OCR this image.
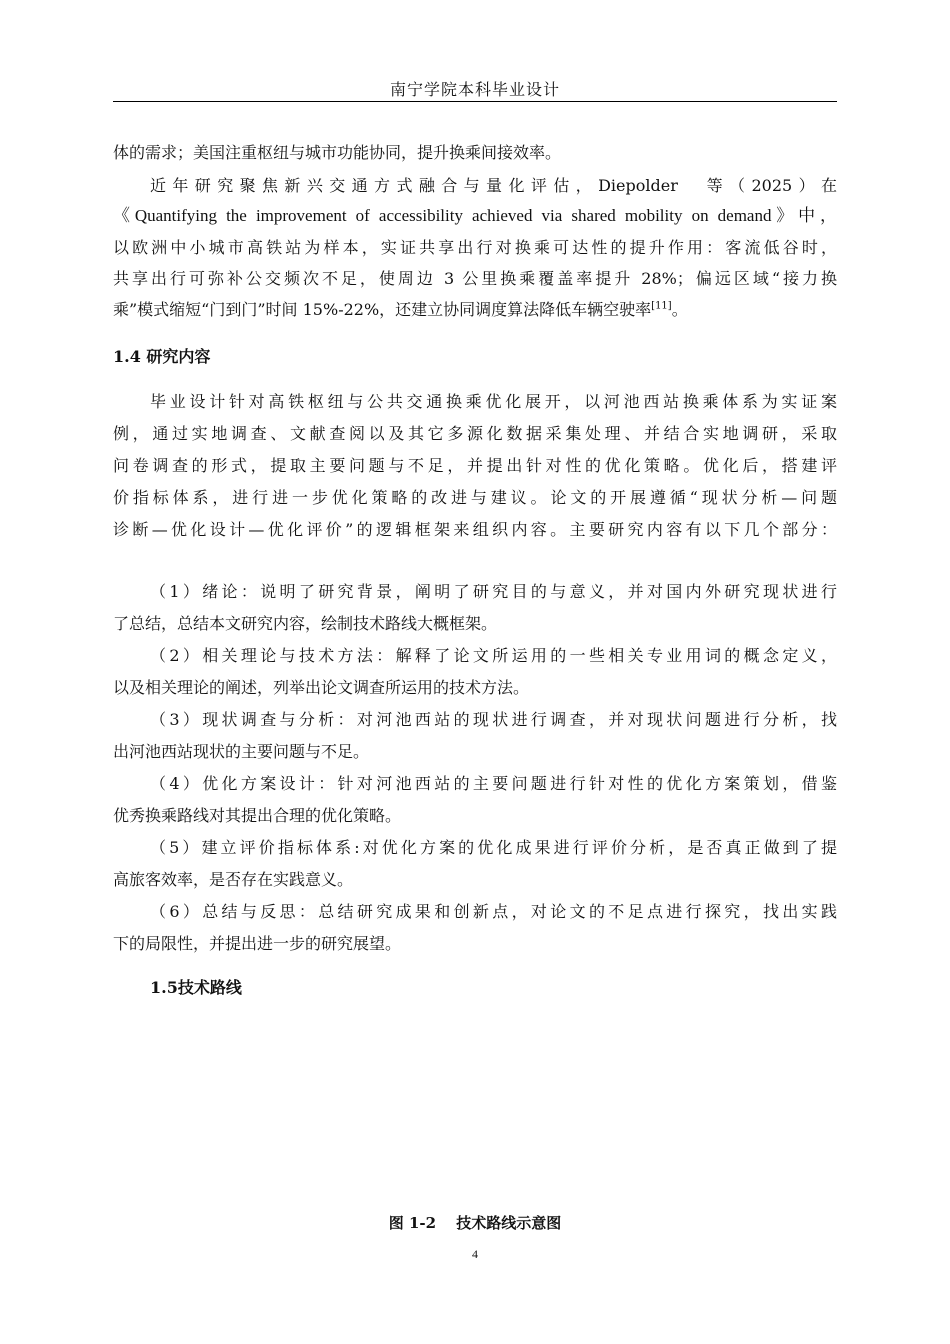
南宁学院本科毕业设计
体的需求；美国注重枢纽与城市功能协同，提升换乘间接效率。
近年研究聚焦新兴交通方式融合与量化评估，Diepolder　等（2025）在
《Quantifying the improvement of accessibility achieved via shared mobility on demand》中，
以欧洲中小城市高铁站为样本，实证共享出行对换乘可达性的提升作用：客流低谷时，
共享出行可弥补公交频次不足，使周边 3 公里换乘覆盖率提升 28%；偏远区域“接力换
乘”模式缩短“门到门”时间 15%-22%，还建立协同调度算法降低车辆空驶率[11]。
1.4 研究内容
毕业设计针对高铁枢纽与公共交通换乘优化展开，以河池西站换乘体系为实证案
例，通过实地调查、文献查阅以及其它多源化数据采集处理、并结合实地调研，采取
问卷调查的形式，提取主要问题与不足，并提出针对性的优化策略。优化后，搭建评
价指标体系，进行进一步优化策略的改进与建议。论文的开展遵循“现状分析—问题
诊断—优化设计—优化评价”的逻辑框架来组织内容。主要研究内容有以下几个部分：
（1）绪论：说明了研究背景，阐明了研究目的与意义，并对国内外研究现状进行
了总结，总结本文研究内容，绘制技术路线大概框架。
（2）相关理论与技术方法：解释了论文所运用的一些相关专业用词的概念定义，
以及相关理论的阐述，列举出论文调查所运用的技术方法。
（3）现状调查与分析：对河池西站的现状进行调查，并对现状问题进行分析，找
出河池西站现状的主要问题与不足。
（4）优化方案设计：针对河池西站的主要问题进行针对性的优化方案策划，借鉴
优秀换乘路线对其提出合理的优化策略。
（5）建立评价指标体系:对优化方案的优化成果进行评价分析，是否真正做到了提
高旅客效率，是否存在实践意义。
（6）总结与反思：总结研究成果和创新点，对论文的不足点进行探究，找出实践
下的局限性，并提出进一步的研究展望。
1.5技术路线
图 1-2　 技术路线示意图
4
